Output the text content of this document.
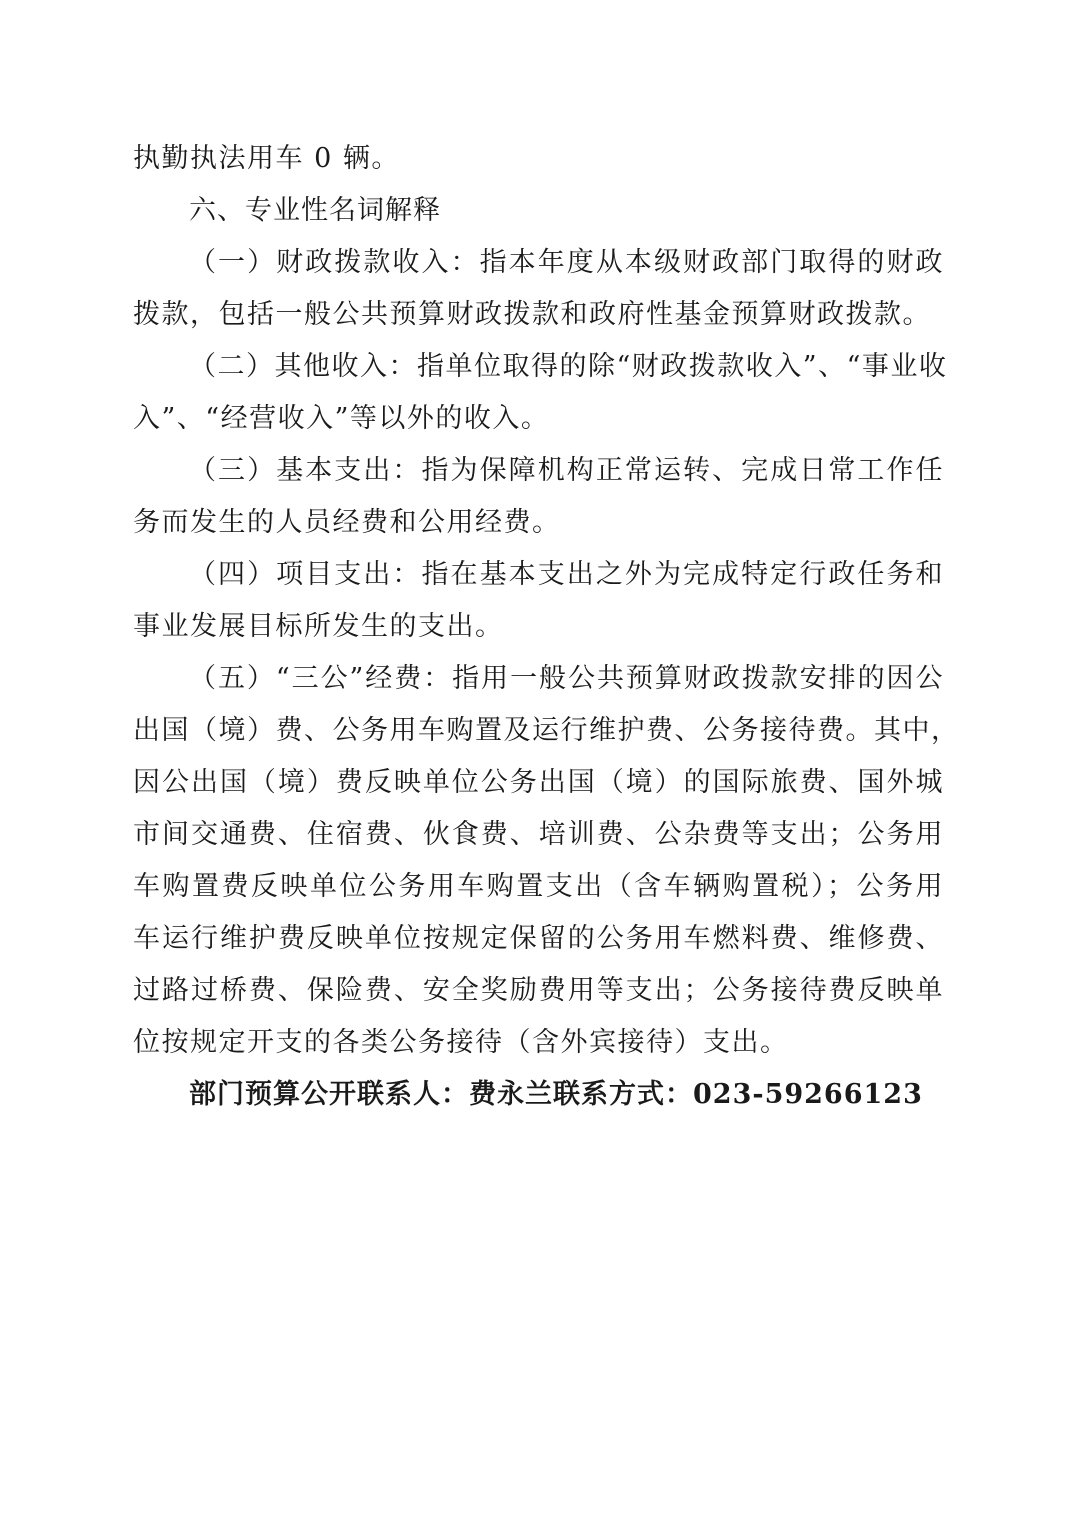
执勤执法用车 0 辆。
六、专业性名词解释
（一）财政拨款收入：指本年度从本级财政部门取得的财政
拨款，包括一般公共预算财政拨款和政府性基金预算财政拨款。
（二）其他收入：指单位取得的除“财政拨款收入”、“事业收
入”、“经营收入”等以外的收入。
（三）基本支出：指为保障机构正常运转、完成日常工作任
务而发生的人员经费和公用经费。
（四）项目支出：指在基本支出之外为完成特定行政任务和
事业发展目标所发生的支出。
（五）“三公”经费：指用一般公共预算财政拨款安排的因公
出国（境）费、公务用车购置及运行维护费、公务接待费。其中，
因公出国（境）费反映单位公务出国（境）的国际旅费、国外城
市间交通费、住宿费、伙食费、培训费、公杂费等支出；公务用
车购置费反映单位公务用车购置支出（含车辆购置税）；公务用
车运行维护费反映单位按规定保留的公务用车燃料费、维修费、
过路过桥费、保险费、安全奖励费用等支出；公务接待费反映单
位按规定开支的各类公务接待（含外宾接待）支出。
部门预算公开联系人：费永兰联系方式：023-59266123
